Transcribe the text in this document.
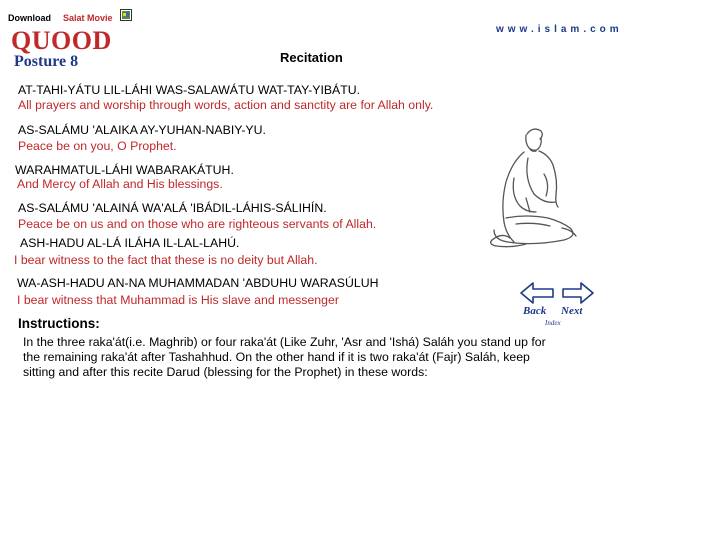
Download Salat Movie
www.islam.com
QUOOD
Posture 8	Recitation
AT-TAHI-YÁTU LIL-LÁHI WAS-SALAWÁTU WAT-TAY-YIBÁTU.
All prayers and worship through words, action and sanctity are for Allah only.
AS-SALÁMU 'ALAIKA AY-YUHAN-NABIY-YU.
Peace be on you, O Prophet.
WARAHMATUL-LÁHI WABARAKÁTUH.
And Mercy of Allah and His blessings.
AS-SALÁMU 'ALAINÁ WA'ALÁ 'IBÁDIL-LÁHIS-SÁLIHÍN.
Peace be on us and on those who are righteous servants of Allah.
ASH-HADU AL-LÁ ILÁHA IL-LAL-LAHÚ.
I bear witness to the fact that these is no deity but Allah.
WA-ASH-HADU AN-NA MUHAMMADAN 'ABDUHU WARASÚLUH
I bear witness that Muhammad is His slave and messenger
Back Next
Index
Instructions:
In the three raka'át(i.e. Maghrib) or four raka'át (Like Zuhr, 'Asr and 'Ishá) Saláh you stand up for the remaining raka'át after Tashahhud. On the other hand if it is two raka'át (Fajr) Saláh, keep sitting and after this recite Darud (blessing for the Prophet) in these words:
